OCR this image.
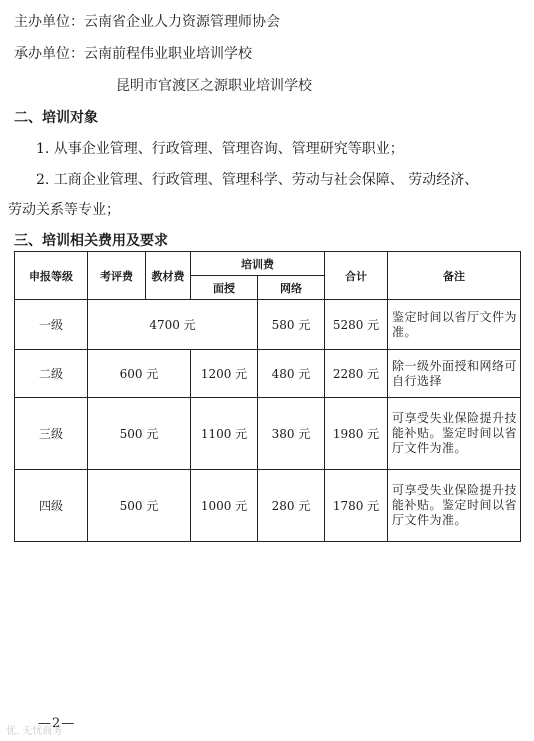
主办单位：云南省企业人力资源管理师协会
承办单位：云南前程伟业职业培训学校
昆明市官渡区之源职业培训学校
二、培训对象
1. 从事企业管理、行政管理、管理咨询、管理研究等职业；
2. 工商企业管理、行政管理、管理科学、劳动与社会保障、 劳动经济、
劳动关系等专业；
三、培训相关费用及要求
申报等级	考评费	教材费	培训费		合计	备注
			面授	网络		
一级	4700 元			580 元	5280 元	鉴定时间以省厅文件为准。
二级	600 元		1200 元	480 元	2280 元	除一级外面授和网络可自行选择
三级	500 元		1100 元	380 元	1980 元	可享受失业保险提升技能补贴。鉴定时间以省厅文件为准。
四级	500 元		1000 元	280 元	1780 元	可享受失业保险提升技能补贴。鉴定时间以省厅文件为准。
—2—
优. 无忧商务
